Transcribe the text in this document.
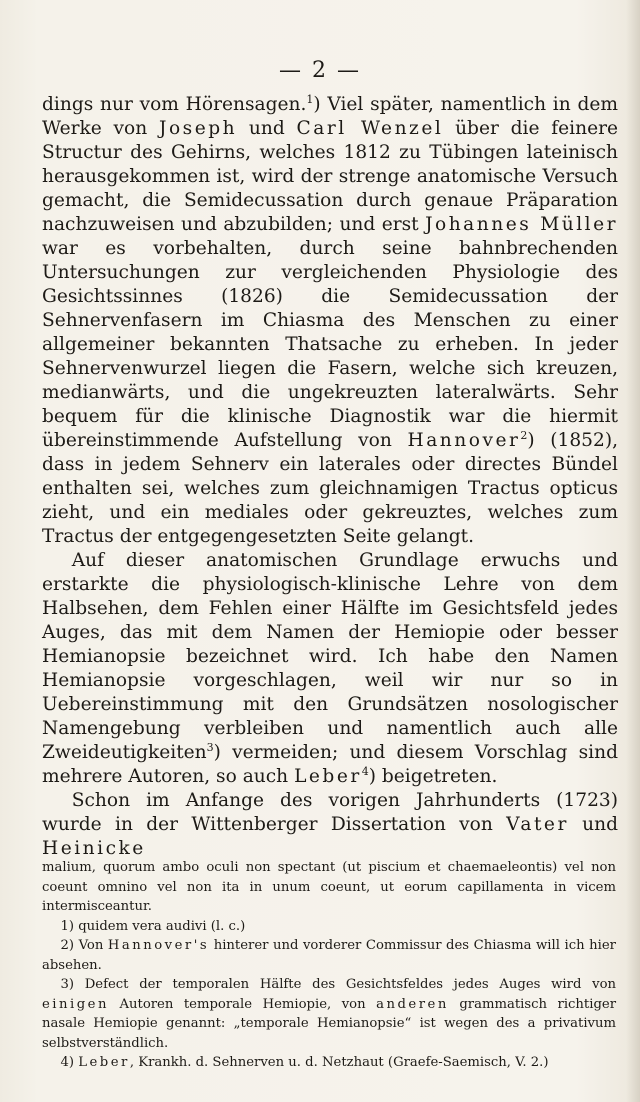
— 2 —

dings nur vom Hörensagen.$^1$) Viel später, namentlich in dem Werke von Joseph und Carl Wenzel über die feinere Structur des Gehirns, welches 1812 zu Tübingen lateinisch herausgekommen ist, wird der strenge anatomische Versuch gemacht, die Semidecussation durch genaue Präparation nachzuweisen und abzubilden; und erst Johannes Müller war es vorbehalten, durch seine bahnbrechenden Untersuchungen zur vergleichenden Physiologie des Gesichtssinnes (1826) die Semidecussation der Sehnervenfasern im Chiasma des Menschen zu einer allgemeiner bekannten Thatsache zu erheben. In jeder Sehnervenwurzel liegen die Fasern, welche sich kreuzen, medianwärts, und die ungekreuzten lateralwärts. Sehr bequem für die klinische Diagnostik war die hiermit übereinstimmende Aufstellung von Hannover$^2$) (1852), dass in jedem Sehnerv ein laterales oder directes Bündel enthalten sei, welches zum gleichnamigen Tractus opticus zieht, und ein mediales oder gekreuztes, welches zum Tractus der entgegengesetzten Seite gelangt.

Auf dieser anatomischen Grundlage erwuchs und erstarkte die physiologisch-klinische Lehre von dem Halbsehen, dem Fehlen einer Hälfte im Gesichtsfeld jedes Auges, das mit dem Namen der Hemiopie oder besser Hemianopsie bezeichnet wird. Ich habe den Namen Hemianopsie vorgeschlagen, weil wir nur so in Uebereinstimmung mit den Grundsätzen nosologischer Namengebung verbleiben und namentlich auch alle Zweideutigkeiten$^3$) vermeiden; und diesem Vorschlag sind mehrere Autoren, so auch Leber$^4$) beigetreten.

Schon im Anfange des vorigen Jahrhunderts (1723) wurde in der Wittenberger Dissertation von Vater und Heinicke

malium, quorum ambo oculi non spectant (ut piscium et chaemaeleontis) vel non coeunt omnino vel non ita in unum coeunt, ut eorum capillamenta in vicem intermisceantur.

1) quidem vera audivi (l. c.)

2) Von Hannover's hinterer und vorderer Commissur des Chiasma will ich hier absehen.

3) Defect der temporalen Hälfte des Gesichtsfeldes jedes Auges wird von einigen Autoren temporale Hemiopie, von anderen grammatisch richtiger nasale Hemiopie genannt: „temporale Hemianopsie“ ist wegen des a privativum selbstverständlich.

4) Leber, Krankh. d. Sehnerven u. d. Netzhaut (Graefe-Saemisch, V. 2.)
